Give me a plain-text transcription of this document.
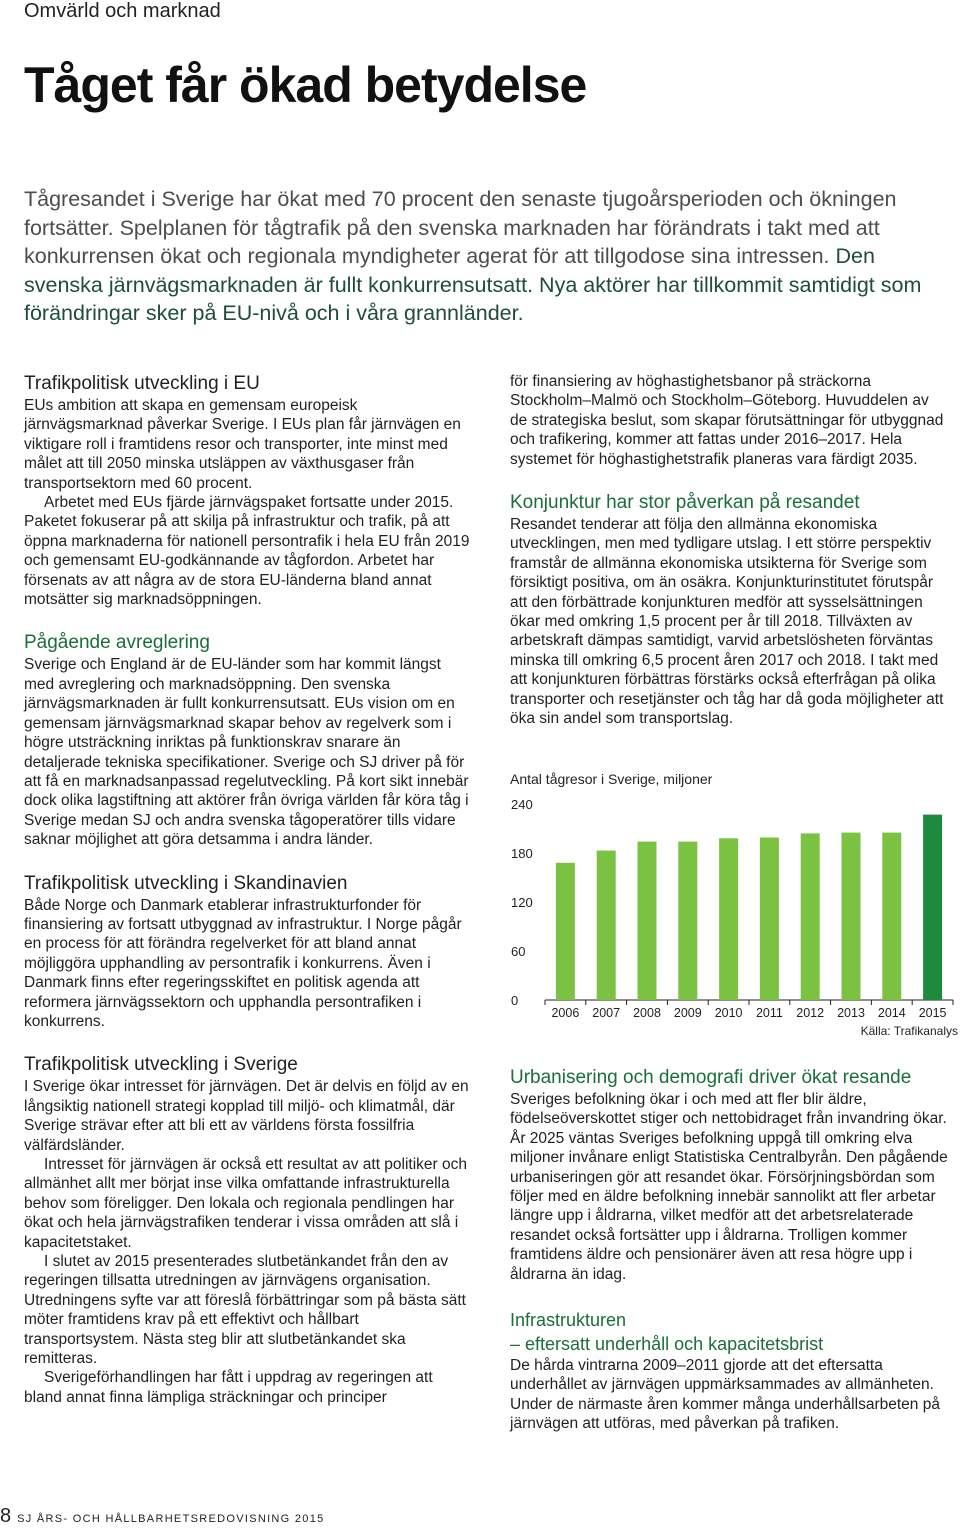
Omvärld och marknad
Tåget får ökad betydelse

Tågresandet i Sverige har ökat med 70 procent den senaste tjugoårsperioden och ökningen fortsätter. Spelplanen för tågtrafik på den svenska marknaden har förändrats i takt med att konkurrensen ökat och regionala myndigheter agerat för att tillgodose sina intressen. Den svenska järnvägsmarknaden är fullt konkurrensutsatt. Nya aktörer har tillkommit samtidigt som förändringar sker på EU-nivå och i våra grannländer.

Trafikpolitisk utveckling i EU

EUs ambition att skapa en gemensam europeisk järnvägsmarknad påverkar Sverige. I EUs plan får järnvägen en viktigare roll i framtidens resor och transporter, inte minst med målet att till 2050 minska utsläppen av växthusgaser från transportsektorn med 60 procent.

Arbetet med EUs fjärde järnvägspaket fortsatte under 2015. Paketet fokuserar på att skilja på infrastruktur och trafik, på att öppna marknaderna för nationell persontrafik i hela EU från 2019 och gemensamt EU-godkännande av tågfordon. Arbetet har försenats av att några av de stora EU-länderna bland annat motsätter sig marknadsöppningen.

Pågående avreglering

Sverige och England är de EU-länder som har kommit längst med avreglering och marknadsöppning. Den svenska järnvägsmarknaden är fullt konkurrensutsatt. EUs vision om en gemensam järnvägsmarknad skapar behov av regelverk som i högre utsträckning inriktas på funktionskrav snarare än detaljerade tekniska specifikationer. Sverige och SJ driver på för att få en marknadsanpassad regelutveckling. På kort sikt innebär dock olika lagstiftning att aktörer från övriga världen får köra tåg i Sverige medan SJ och andra svenska tågoperatörer tills vidare saknar möjlighet att göra detsamma i andra länder.

Trafikpolitisk utveckling i Skandinavien

Både Norge och Danmark etablerar infrastrukturfonder för finansiering av fortsatt utbyggnad av infrastruktur. I Norge pågår en process för att förändra regelverket för att bland annat möjliggöra upphandling av persontrafik i konkurrens. Även i Danmark finns efter regeringsskiftet en politisk agenda att reformera järnvägssektorn och upphandla persontrafiken i konkurrens.

Trafikpolitisk utveckling i Sverige

I Sverige ökar intresset för järnvägen. Det är delvis en följd av en långsiktig nationell strategi kopplad till miljö- och klimatmål, där Sverige strävar efter att bli ett av världens första fossilfria välfärdsländer.

Intresset för järnvägen är också ett resultat av att politiker och allmänhet allt mer börjat inse vilka omfattande infrastrukturella behov som föreligger. Den lokala och regionala pendlingen har ökat och hela järnvägstrafiken tenderar i vissa områden att slå i kapacitetstaket.

I slutet av 2015 presenterades slutbetänkandet från den av regeringen tillsatta utredningen av järnvägens organisation. Utredningens syfte var att föreslå förbättringar som på bästa sätt möter framtidens krav på ett effektivt och hållbart transportsystem. Nästa steg blir att slutbetänkandet ska remitteras.

Sverigeförhandlingen har fått i uppdrag av regeringen att bland annat finna lämpliga sträckningar och principer

för finansiering av höghastighetsbanor på sträckorna Stockholm–Malmö och Stockholm–Göteborg. Huvuddelen av de strategiska beslut, som skapar förutsättningar för utbyggnad och trafikering, kommer att fattas under 2016–2017. Hela systemet för höghastighetstrafik planeras vara färdigt 2035.

Konjunktur har stor påverkan på resandet

Resandet tenderar att följa den allmänna ekonomiska utvecklingen, men med tydligare utslag. I ett större perspektiv framstår de allmänna ekonomiska utsikterna för Sverige som försiktigt positiva, om än osäkra. Konjunkturinstitutet förutspår att den förbättrade konjunkturen medför att sysselsättningen ökar med omkring 1,5 procent per år till 2018. Tillväxten av arbetskraft dämpas samtidigt, varvid arbetslösheten förväntas minska till omkring 6,5 procent åren 2017 och 2018. I takt med att konjunkturen förbättras förstärks också efterfrågan på olika transporter och resetjänster och tåg har då goda möjligheter att öka sin andel som transportslag.

Antal tågresor i Sverige, miljoner
0
60
120
180
240
2006 2007 2008 2009 2010 2011 2012 2013 2014 2015
Källa: Trafikanalys
Urbanisering och demografi driver ökat resande

Sveriges befolkning ökar i och med att fler blir äldre, födelseöverskottet stiger och nettobidraget från invandring ökar. År 2025 väntas Sveriges befolkning uppgå till omkring elva miljoner invånare enligt Statistiska Centralbyrån. Den pågående urbaniseringen gör att resandet ökar. Försörjningsbördan som följer med en äldre befolkning innebär sannolikt att fler arbetar längre upp i åldrarna, vilket medför att det arbetsrelaterade resandet också fortsätter upp i åldrarna. Trolligen kommer framtidens äldre och pensionärer även att resa högre upp i åldrarna än idag.

Infrastrukturen
– eftersatt underhåll och kapacitetsbrist

De hårda vintrarna 2009–2011 gjorde att det eftersatta underhållet av järnvägen uppmärksammades av allmänheten. Under de närmaste åren kommer många underhållsarbeten på järnvägen att utföras, med påverkan på trafiken.

8 SJ ÅRS- OCH HÅLLBARHETSREDOVISNING 2015
